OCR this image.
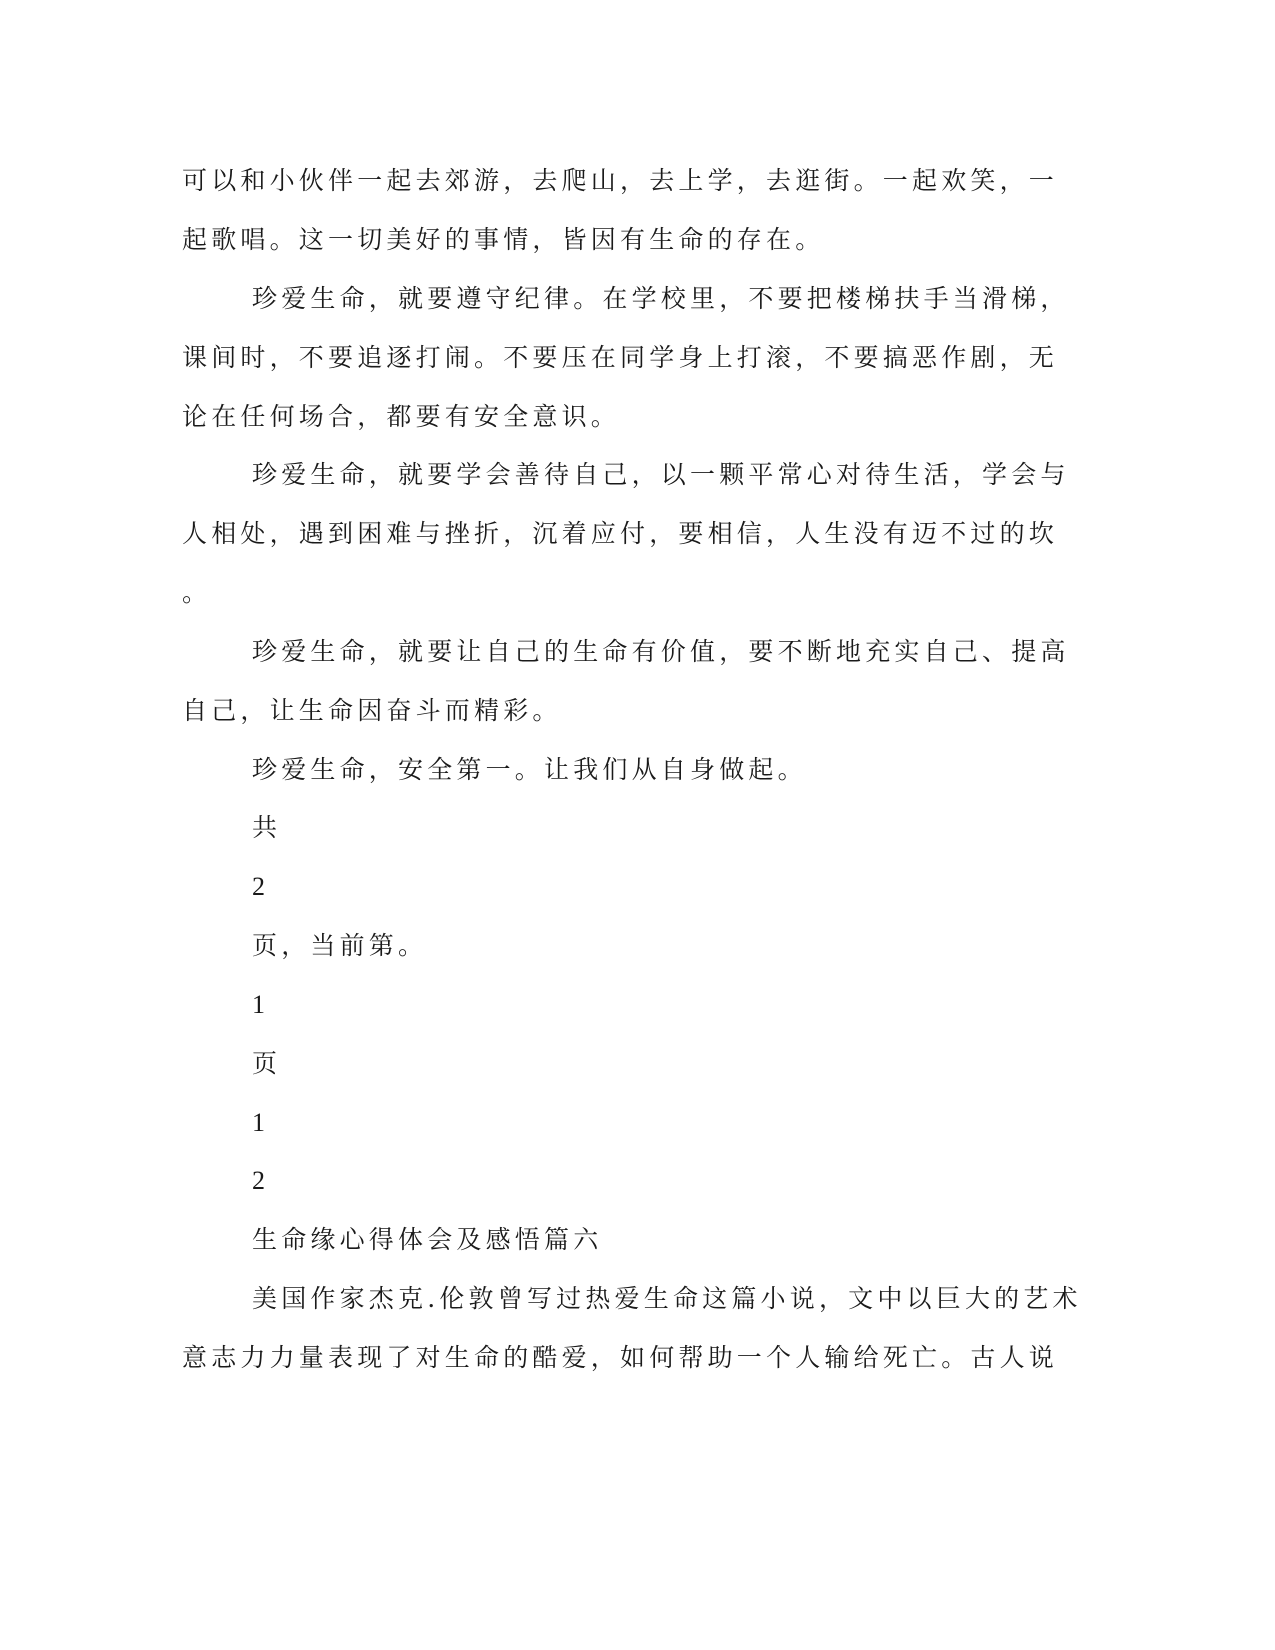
可以和小伙伴一起去郊游，去爬山，去上学，去逛街。一起欢笑，一

起歌唱。这一切美好的事情，皆因有生命的存在。

珍爱生命，就要遵守纪律。在学校里，不要把楼梯扶手当滑梯，

课间时，不要追逐打闹。不要压在同学身上打滚，不要搞恶作剧，无

论在任何场合，都要有安全意识。

珍爱生命，就要学会善待自己，以一颗平常心对待生活，学会与

人相处，遇到困难与挫折，沉着应付，要相信，人生没有迈不过的坎

。

珍爱生命，就要让自己的生命有价值，要不断地充实自己、提高

自己，让生命因奋斗而精彩。

珍爱生命，安全第一。让我们从自身做起。

共

2

页，当前第。

1

页

1

2

生命缘心得体会及感悟篇六

美国作家杰克.伦敦曾写过热爱生命这篇小说，文中以巨大的艺术

意志力力量表现了对生命的酷爱，如何帮助一个人输给死亡。古人说
